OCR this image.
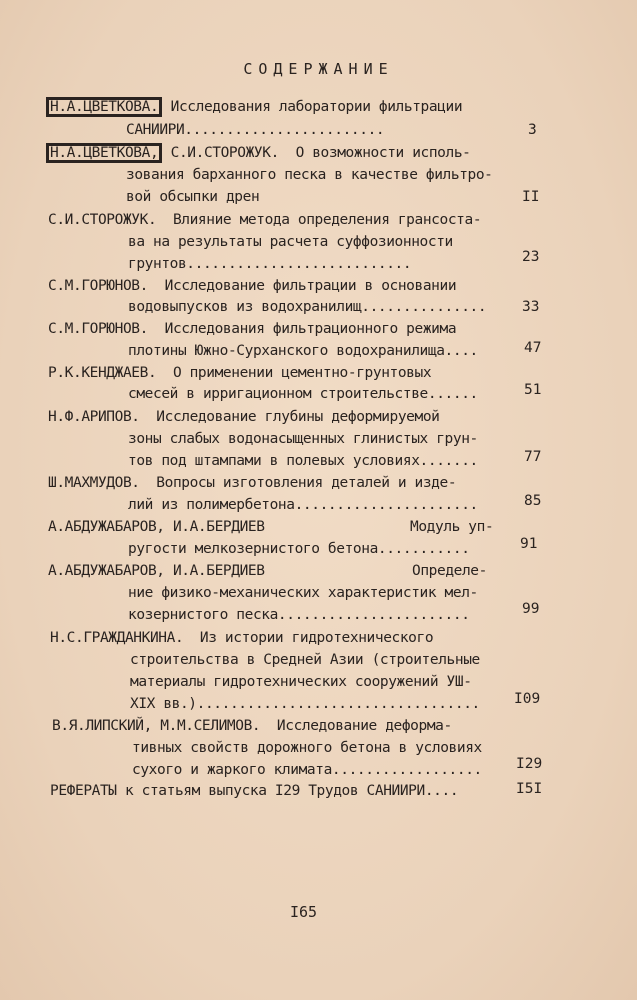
СОДЕРЖАНИЕ
Н.А.ЦВЕТКОВА. Исследования лаборатории фильтрации
САНИИРИ........................	3
Н.А.ЦВЕТКОВА, С.И.СТОРОЖУК.  О возможности исполь-
зования барханного песка в качестве фильтро-
вой обсыпки дрен	II
С.И.СТОРОЖУК.  Влияние метода определения грансоста-
ва на результаты расчета суффозионности
грунтов...........................	23
С.М.ГОРЮНОВ.  Исследование фильтрации в основании
водовыпусков из водохранилищ............... 33
С.М.ГОРЮНОВ.  Исследования фильтрационного режима
плотины Южно-Сурханского водохранилища....	47
Р.К.КЕНДЖАЕВ.  О применении цементно-грунтовых
смесей в ирригационном строительстве......	51
Н.Ф.АРИПОВ.  Исследование глубины деформируемой
зоны слабых водонасыщенных глинистых грун-
тов под штампами в полевых условиях.......	77
Ш.МАХМУДОВ.  Вопросы изготовления деталей и изде-
лий из полимербетона......................	85
А.АБДУЖАБАРОВ, И.А.БЕРДИЕВ	Модуль уп-
ругости мелкозернистого бетона...........	91
А.АБДУЖАБАРОВ, И.А.БЕРДИЕВ	Определе-
ние физико-механических характеристик мел-
козернистого песка.......................	99
Н.С.ГРАЖДАНКИНА.  Из истории гидротехнического
строительства в Средней Азии (строительные
материалы гидротехнических сооружений УШ-
XIX вв.).................................. I09
В.Я.ЛИПСКИЙ, М.М.СЕЛИМОВ.  Исследование деформа-
тивных свойств дорожного бетона в условиях
сухого и жаркого климата.................. I29
РЕФЕРАТЫ к статьям выпуска I29 Трудов САНИИРИ....	I5I
I65
